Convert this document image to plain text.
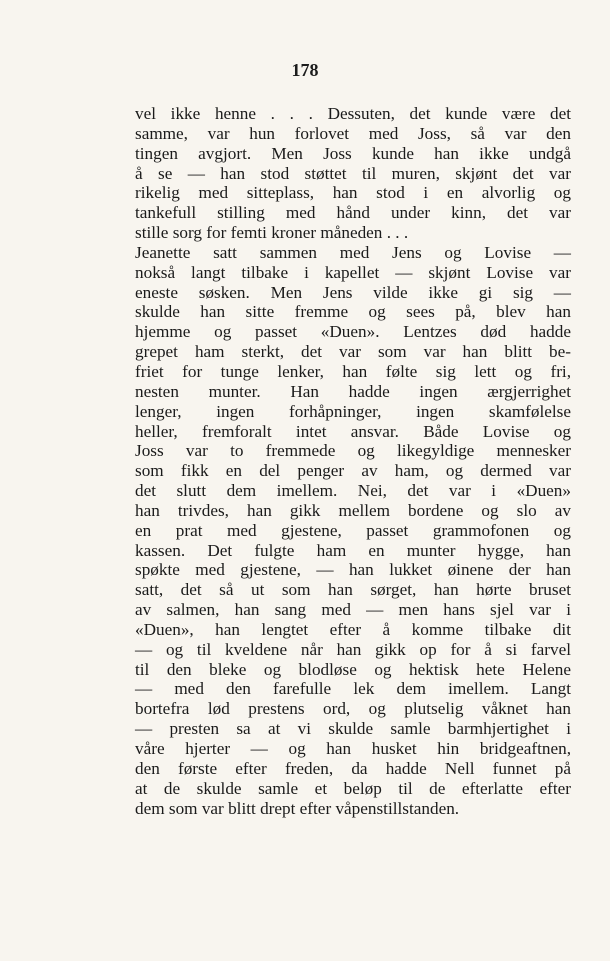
178

vel ikke henne . . . Dessuten, det kunde være det
samme, var hun forlovet med Joss, så var den
tingen avgjort. Men Joss kunde han ikke undgå
å se — han stod støttet til muren, skjønt det var
rikelig med sitteplass, han stod i en alvorlig og
tankefull stilling med hånd under kinn, det var
stille sorg for femti kroner måneden . . .
Jeanette satt sammen med Jens og Lovise —
nokså langt tilbake i kapellet — skjønt Lovise var
eneste søsken. Men Jens vilde ikke gi sig —
skulde han sitte fremme og sees på, blev han
hjemme og passet «Duen». Lentzes død hadde
grepet ham sterkt, det var som var han blitt be-
friet for tunge lenker, han følte sig lett og fri,
nesten munter. Han hadde ingen ærgjerrighet
lenger, ingen forhåpninger, ingen skamfølelse
heller, fremforalt intet ansvar. Både Lovise og
Joss var to fremmede og likegyldige mennesker
som fikk en del penger av ham, og dermed var
det slutt dem imellem. Nei, det var i «Duen»
han trivdes, han gikk mellem bordene og slo av
en prat med gjestene, passet grammofonen og
kassen. Det fulgte ham en munter hygge, han
spøkte med gjestene, — han lukket øinene der han
satt, det så ut som han sørget, han hørte bruset
av salmen, han sang med — men hans sjel var i
«Duen», han lengtet efter å komme tilbake dit
— og til kveldene når han gikk op for å si farvel
til den bleke og blodløse og hektisk hete Helene
— med den farefulle lek dem imellem. Langt
bortefra lød prestens ord, og plutselig våknet han
— presten sa at vi skulde samle barmhjertighet i
våre hjerter — og han husket hin bridgeaftnen,
den første efter freden, da hadde Nell funnet på
at de skulde samle et beløp til de efterlatte efter
dem som var blitt drept efter våpenstillstanden.
